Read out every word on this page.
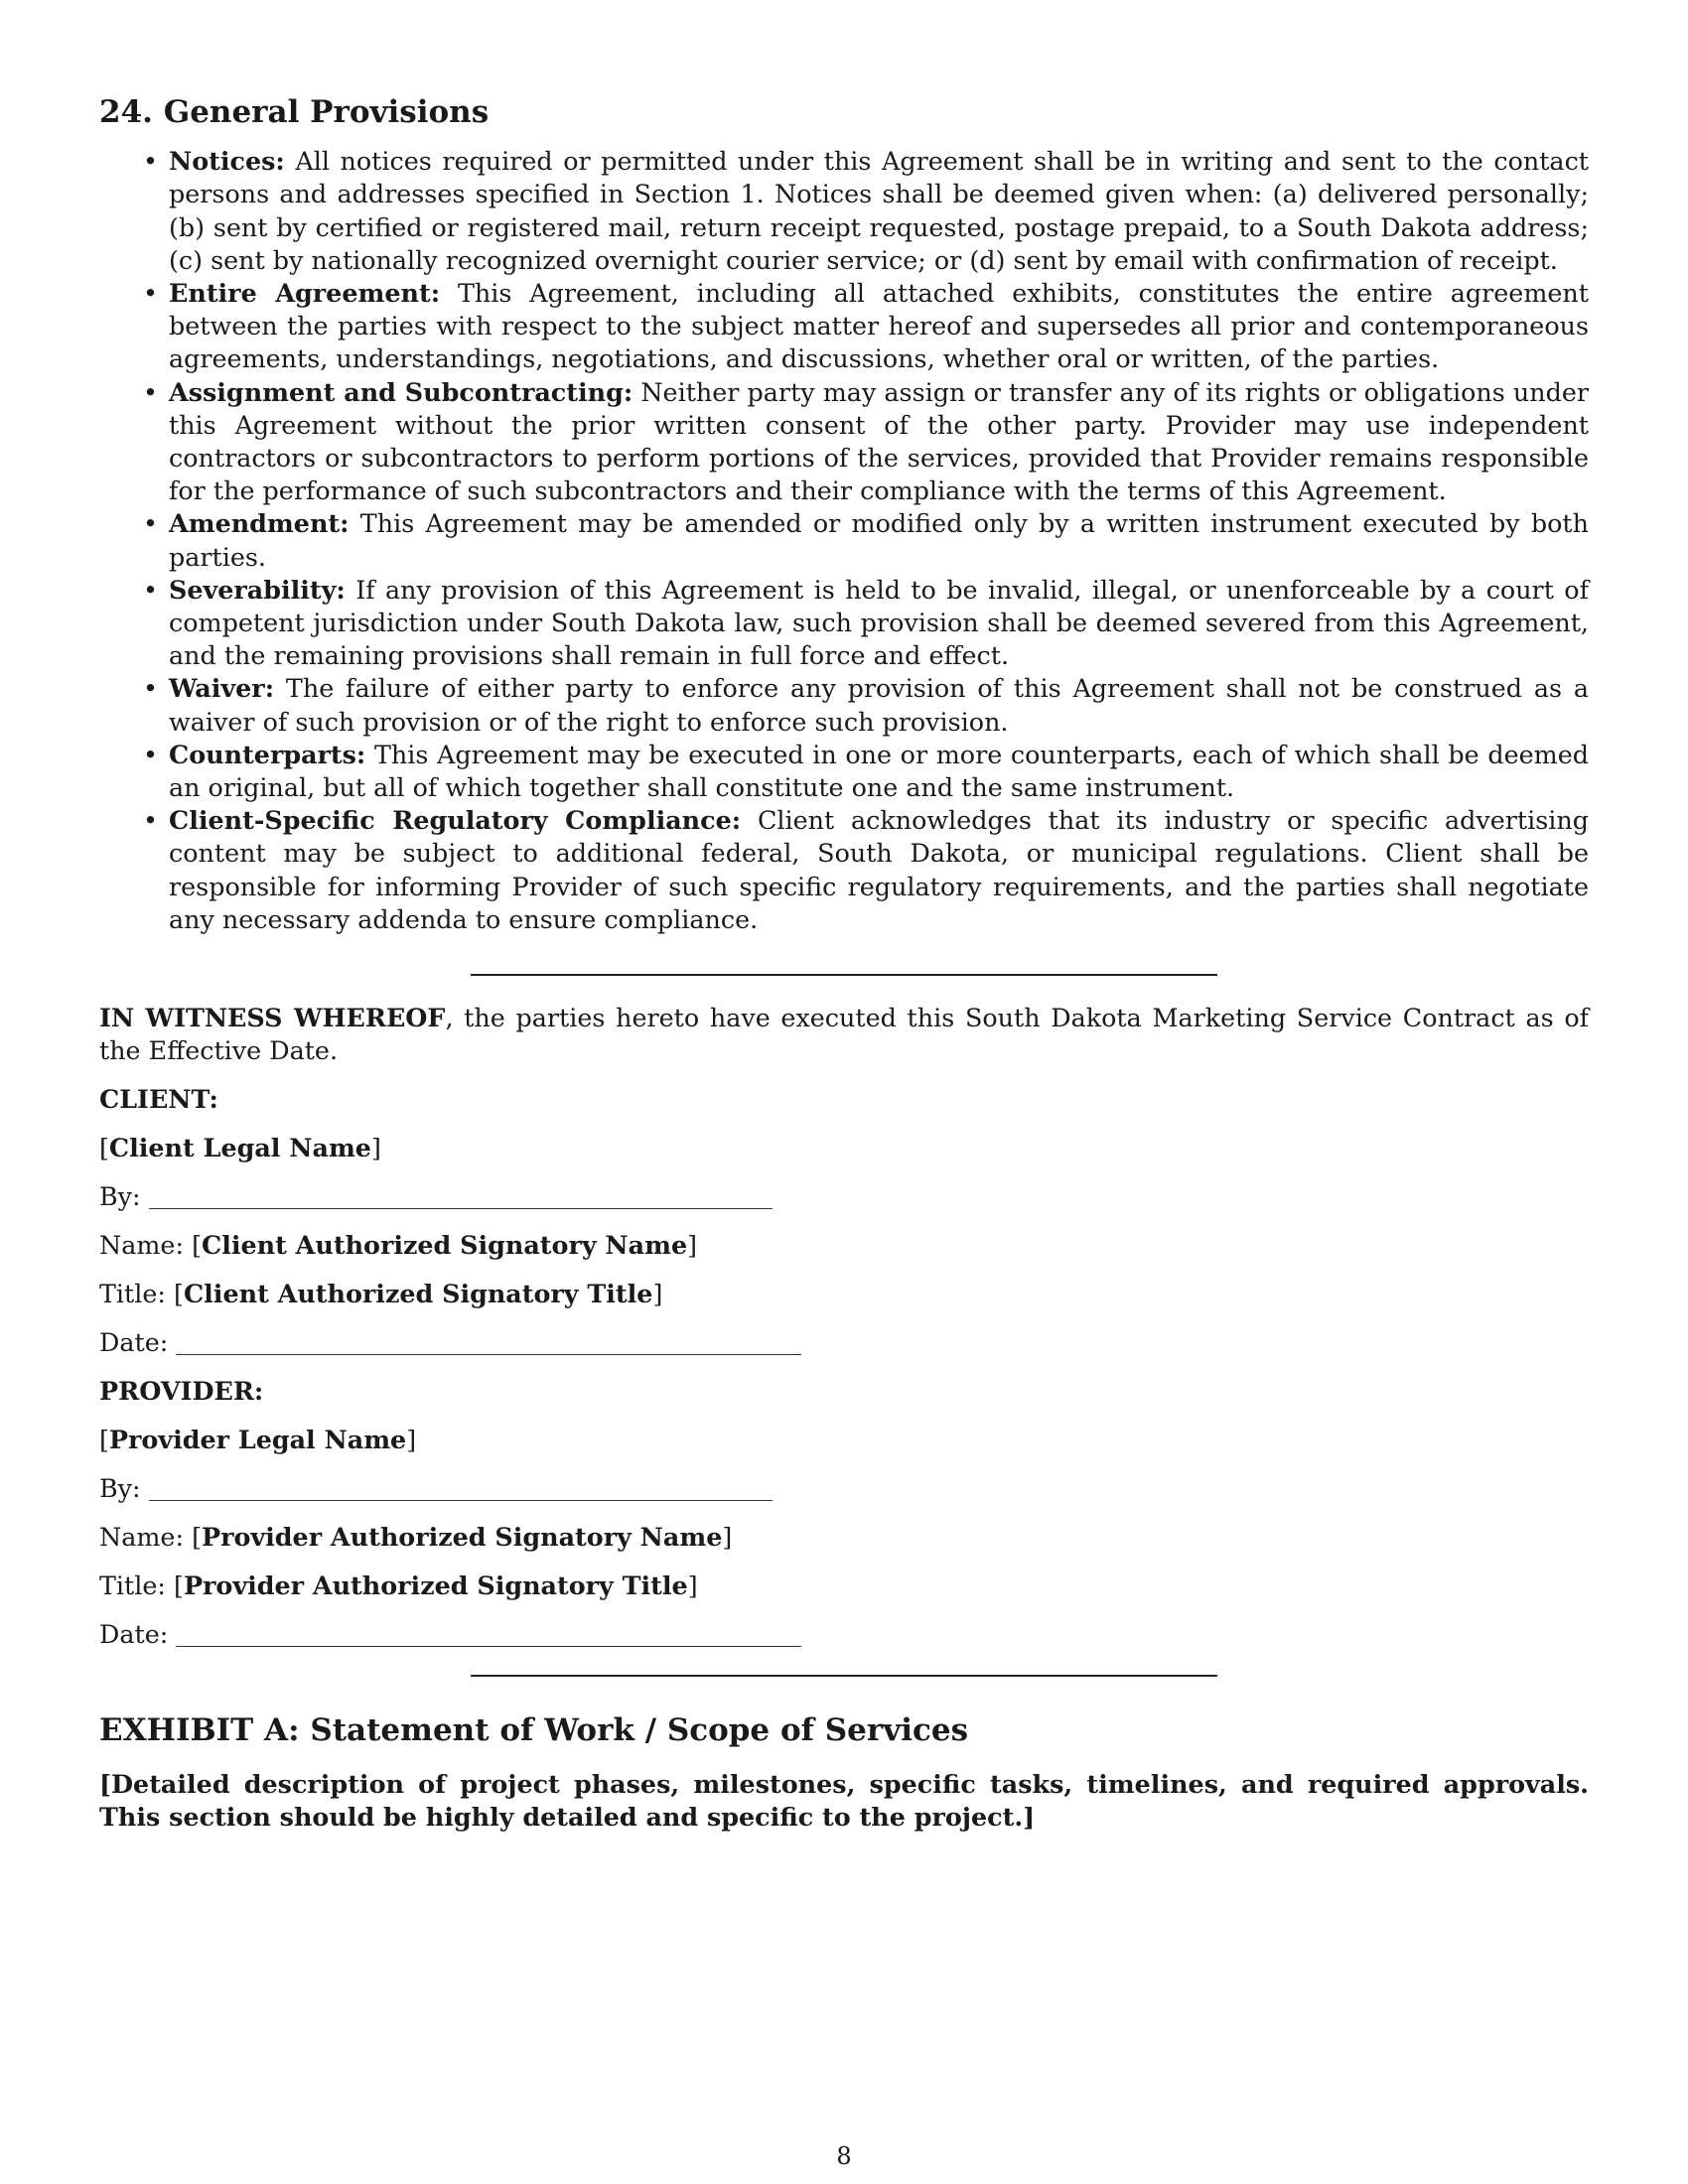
24. General Provisions
• Notices: All notices required or permitted under this Agreement shall be in writing and sent to the contact persons and addresses specified in Section 1. Notices shall be deemed given when: (a) delivered personally; (b) sent by certified or registered mail, return receipt requested, postage prepaid, to a South Dakota address; (c) sent by nationally recognized overnight courier service; or (d) sent by email with confirmation of receipt.
• Entire Agreement: This Agreement, including all attached exhibits, constitutes the entire agreement between the parties with respect to the subject matter hereof and supersedes all prior and contemporaneous agreements, understandings, negotiations, and discussions, whether oral or written, of the parties.
• Assignment and Subcontracting: Neither party may assign or transfer any of its rights or obligations under this Agreement without the prior written consent of the other party. Provider may use independent contractors or subcontractors to perform portions of the services, provided that Provider remains responsible for the performance of such subcontractors and their compliance with the terms of this Agreement.
• Amendment: This Agreement may be amended or modified only by a written instrument executed by both parties.
• Severability: If any provision of this Agreement is held to be invalid, illegal, or unenforceable by a court of competent jurisdiction under South Dakota law, such provision shall be deemed severed from this Agreement, and the remaining provisions shall remain in full force and effect.
• Waiver: The failure of either party to enforce any provision of this Agreement shall not be construed as a waiver of such provision or of the right to enforce such provision.
• Counterparts: This Agreement may be executed in one or more counterparts, each of which shall be deemed an original, but all of which together shall constitute one and the same instrument.
• Client-Specific Regulatory Compliance: Client acknowledges that its industry or specific advertising content may be subject to additional federal, South Dakota, or municipal regulations. Client shall be responsible for informing Provider of such specific regulatory requirements, and the parties shall negotiate any necessary addenda to ensure compliance.

IN WITNESS WHEREOF, the parties hereto have executed this South Dakota Marketing Service Contract as of the Effective Date.

CLIENT:
[Client Legal Name]
By:
Name: [Client Authorized Signatory Name]
Title: [Client Authorized Signatory Title]
Date:
PROVIDER:
[Provider Legal Name]
By:
Name: [Provider Authorized Signatory Name]
Title: [Provider Authorized Signatory Title]
Date:
EXHIBIT A: Statement of Work / Scope of Services

[Detailed description of project phases, milestones, specific tasks, timelines, and required approvals. This section should be highly detailed and specific to the project.]

8
